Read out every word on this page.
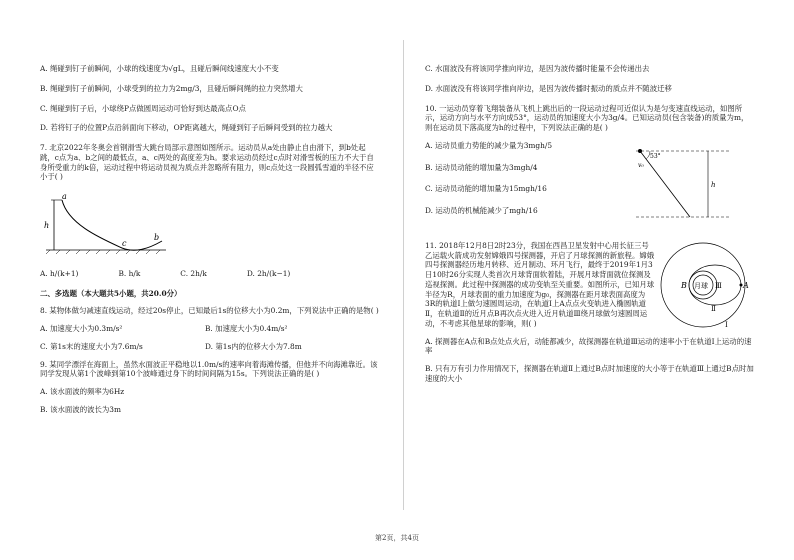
A. 绳碰到钉子前瞬间，小球的线速度为√gL，且碰后瞬间线速度大小不变

B. 绳碰到钉子前瞬间，小球受到的拉力为2mg/3，且碰后瞬间绳的拉力突然增大

C. 绳碰到钉子后，小球绕P点做圆周运动可恰好到达最高点O点

D. 若将钉子的位置P点沿斜面向下移动，OP距离越大，绳碰到钉子后瞬间受到的拉力越大

7. 北京2022年冬奥会首钢滑雪大跳台局部示意图如图所示。运动员从a处由静止自由滑下，到b处起跳，c点为a、b之间的最低点，a、c两处的高度差为h。要求运动员经过c点时对滑雪板的压力不大于自身所受重力的k倍，运动过程中将运动员视为质点并忽略所有阻力，则c点处这一段圆弧雪道的半径不应小于( )

a
h
b
c
A. h/(k+1)	B. h/k	C. 2h/k	D. 2h/(k−1)

二、多选题（本大题共5小题，共20.0分）

8. 某物体做匀减速直线运动，经过20s停止，已知最后1s的位移大小为0.2m，下列说法中正确的是物( )

A. 加速度大小为0.3m/s²	B. 加速度大小为0.4m/s²
C. 第1s末的速度大小为7.6m/s	D. 第1s内的位移大小为7.8m

9. 某同学漂浮在海面上，虽然水面波正平稳地以1.0m/s的速率向着海滩传播，但他并不向海滩靠近。该同学发现从第1个波峰到第10个波峰通过身下的时间间隔为15s。下列说法正确的是( )

A. 该水面波的频率为6Hz

B. 该水面波的波长为3m

C. 水面波没有将该同学推向岸边，是因为波传播时能量不会传递出去

D. 水面波没有将该同学推向岸边，是因为波传播时振动的质点并不随波迁移

10. 一运动员穿着飞翔装备从飞机上跳出后的一段运动过程可近似认为是匀变速直线运动，如图所示，运动方向与水平方向成53°，运动员的加速度大小为3g/4。已知运动员(包含装备)的质量为m，则在运动员下落高度为h的过程中，下列说法正确的是( )

A. 运动员重力势能的减少量为3mgh/5

B. 运动员动能的增加量为3mgh/4

C. 运动员动能的增加量为15mgh/16

D. 运动员的机械能减少了mgh/16

53°
v₀
h

11. 2018年12月8日2时23分，我国在西昌卫星发射中心用长征三号乙运载火箭成功发射嫦娥四号探测器，开启了月球探测的新旅程。嫦娥四号探测器经历地月转移、近月制动、环月飞行，最终于2019年1月3日10时26分实现人类首次月球背面软着陆，开展月球背面就位探测及巡视探测。此过程中探测器的成功变轨至关重要。如图所示，已知月球半径为R，月球表面的重力加速度为g₀，探测器在距月球表面高度为3R的轨道Ⅰ上做匀速圆周运动，在轨道Ⅰ上A点点火变轨进入椭圆轨道Ⅱ，在轨道Ⅱ的近月点B再次点火进入近月轨道Ⅲ绕月球做匀速圆周运动，不考虑其他星球的影响，则( )

月球 Ⅲ
B	A
Ⅱ
Ⅰ

A. 探测器在A点和B点处点火后，动能都减少，故探测器在轨道Ⅲ运动的速率小于在轨道Ⅰ上运动的速率

B. 只有万有引力作用情况下，探测器在轨道Ⅱ上通过B点时加速度的大小等于在轨道Ⅲ上通过B点时加速度的大小

第2页，共4页
